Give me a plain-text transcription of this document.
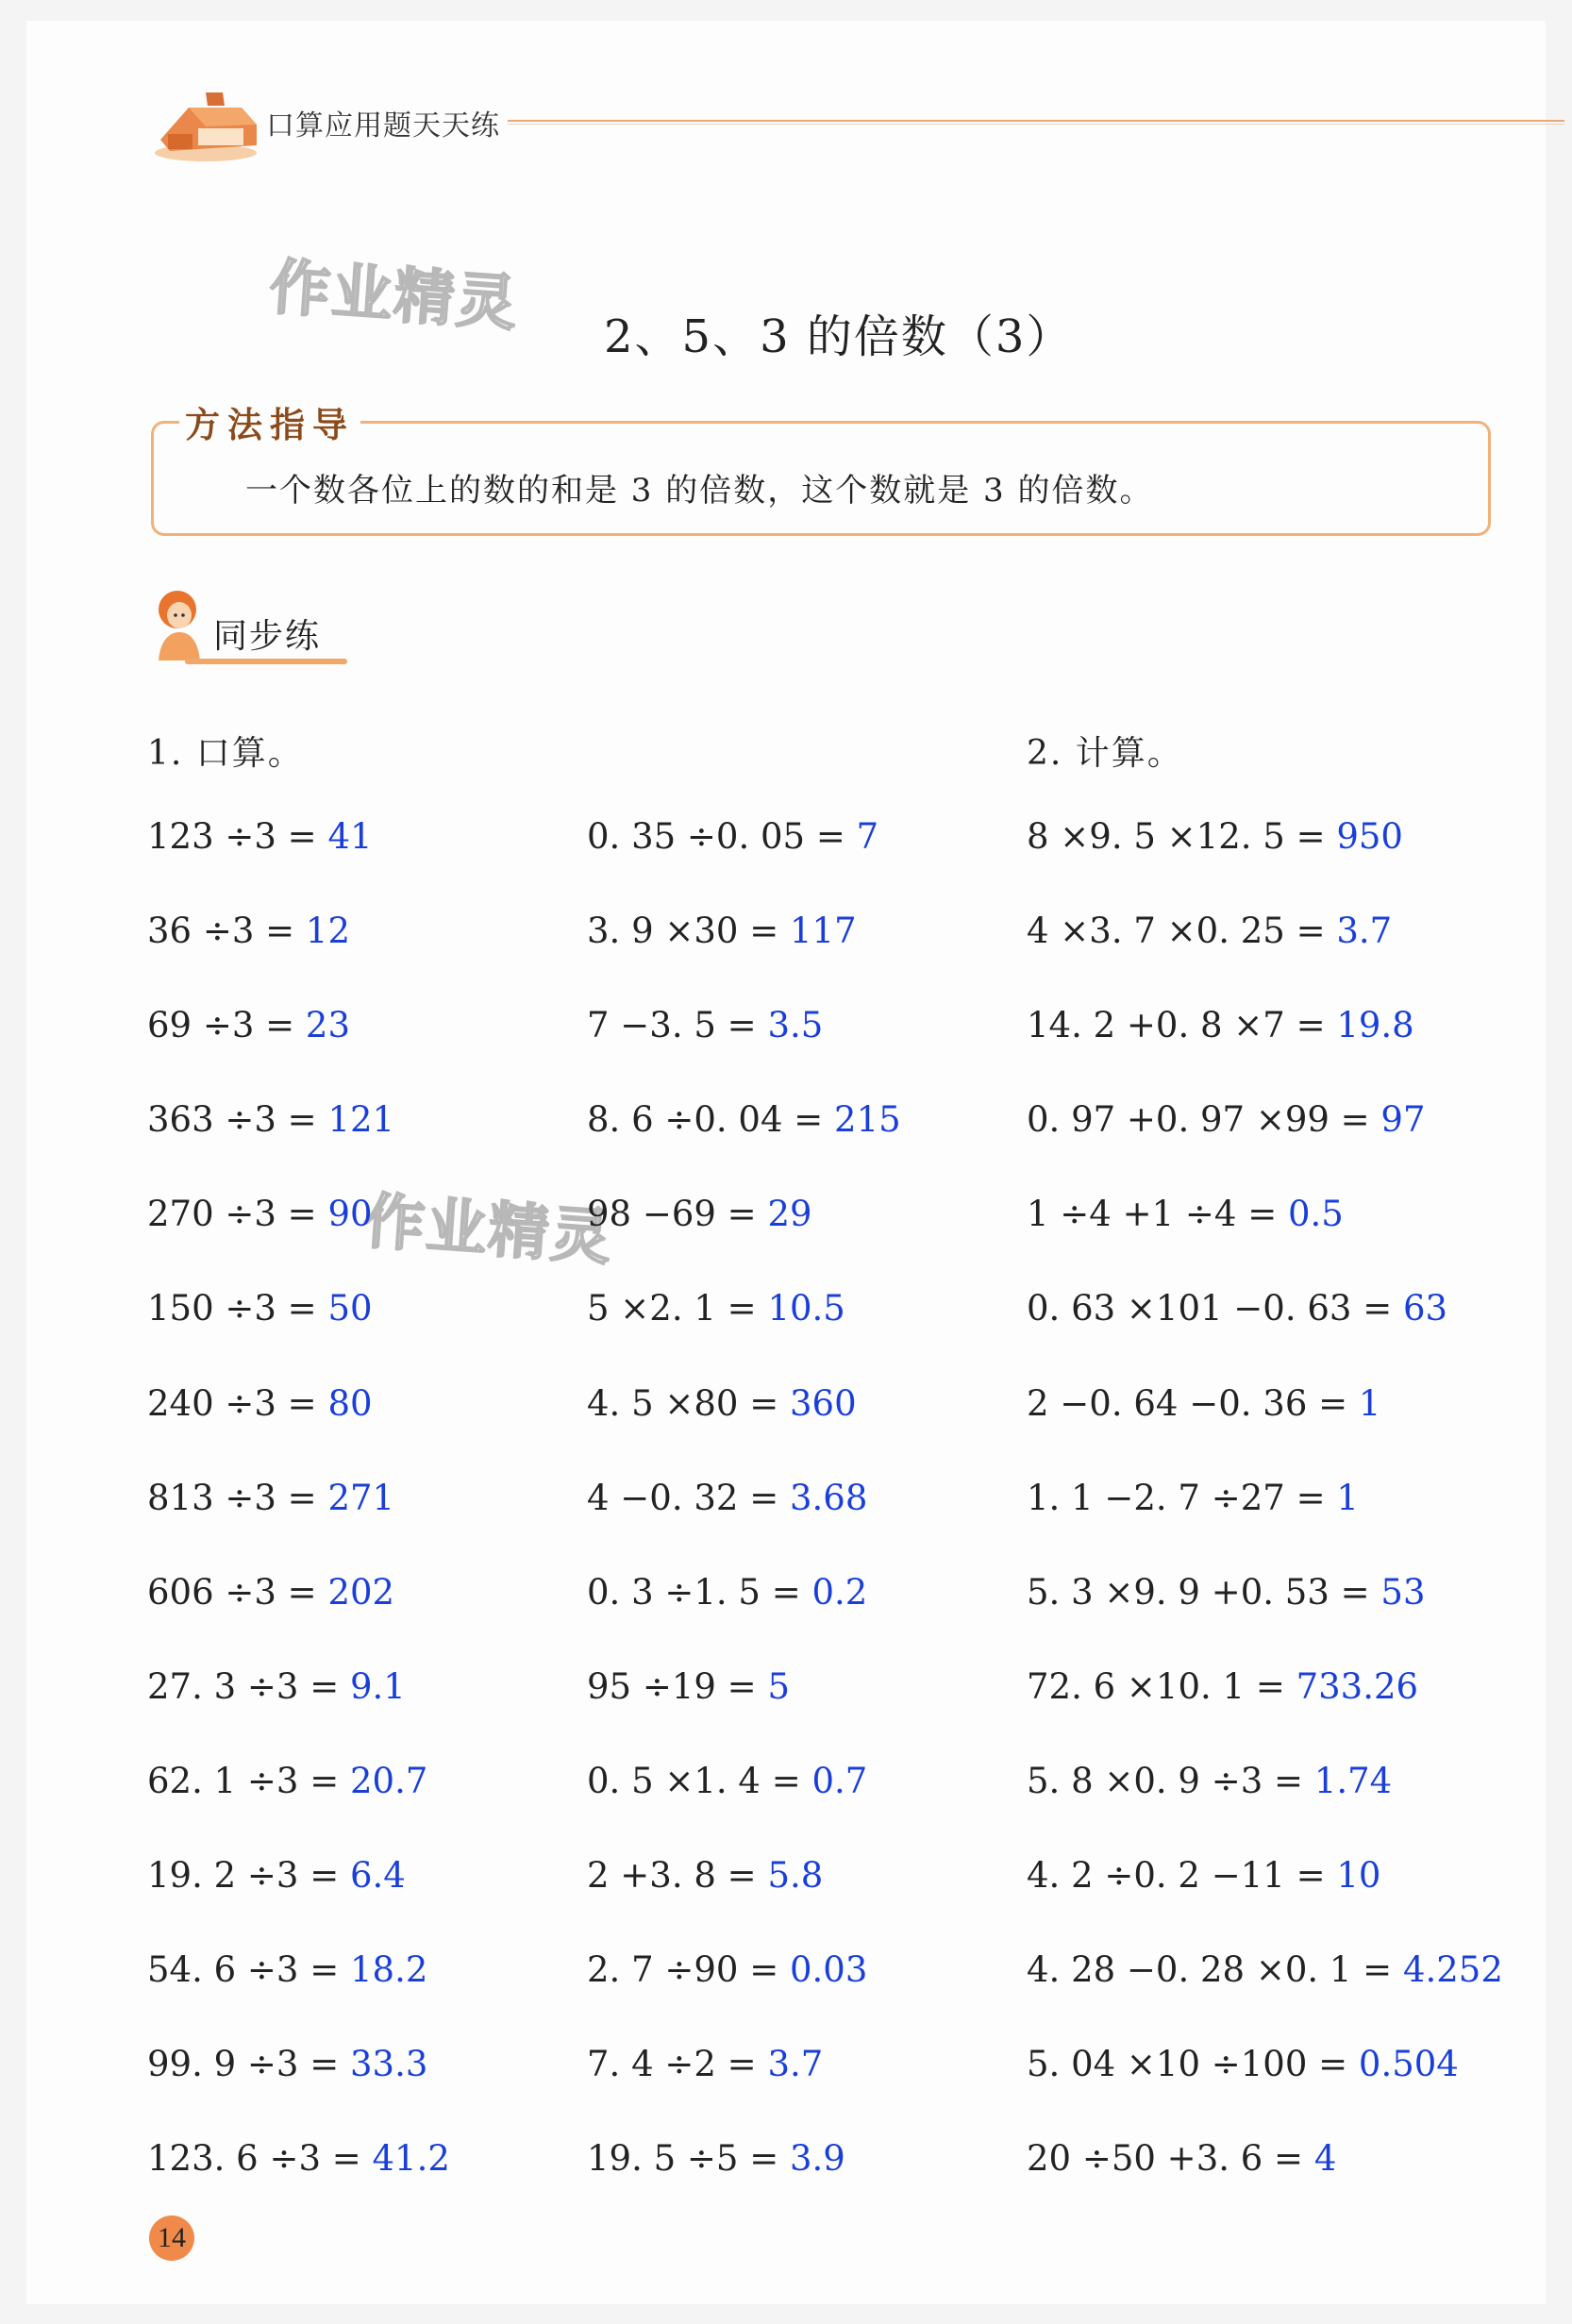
口算应用题天天练
作业精灵
作业精灵
2、5、3 的倍数（3）
方法指导
一个数各位上的数的和是 3 的倍数，这个数就是 3 的倍数。
同步练
1. 口算。	2. 计算。
123 ÷3 = 41
36 ÷3 = 12
69 ÷3 = 23
363 ÷3 = 121
270 ÷3 = 90
150 ÷3 = 50
240 ÷3 = 80
813 ÷3 = 271
606 ÷3 = 202
27. 3 ÷3 = 9.1
62. 1 ÷3 = 20.7
19. 2 ÷3 = 6.4
54. 6 ÷3 = 18.2
99. 9 ÷3 = 33.3
123. 6 ÷3 = 41.2
0. 35 ÷0. 05 = 7
3. 9 ×30 = 117
7 −3. 5 = 3.5
8. 6 ÷0. 04 = 215
98 −69 = 29
5 ×2. 1 = 10.5
4. 5 ×80 = 360
4 −0. 32 = 3.68
0. 3 ÷1. 5 = 0.2
95 ÷19 = 5
0. 5 ×1. 4 = 0.7
2 +3. 8 = 5.8
2. 7 ÷90 = 0.03
7. 4 ÷2 = 3.7
19. 5 ÷5 = 3.9
8 ×9. 5 ×12. 5 = 950
4 ×3. 7 ×0. 25 = 3.7
14. 2 +0. 8 ×7 = 19.8
0. 97 +0. 97 ×99 = 97
1 ÷4 +1 ÷4 = 0.5
0. 63 ×101 −0. 63 = 63
2 −0. 64 −0. 36 = 1
1. 1 −2. 7 ÷27 = 1
5. 3 ×9. 9 +0. 53 = 53
72. 6 ×10. 1 = 733.26
5. 8 ×0. 9 ÷3 = 1.74
4. 2 ÷0. 2 −11 = 10
4. 28 −0. 28 ×0. 1 = 4.252
5. 04 ×10 ÷100 = 0.504
20 ÷50 +3. 6 = 4
14
